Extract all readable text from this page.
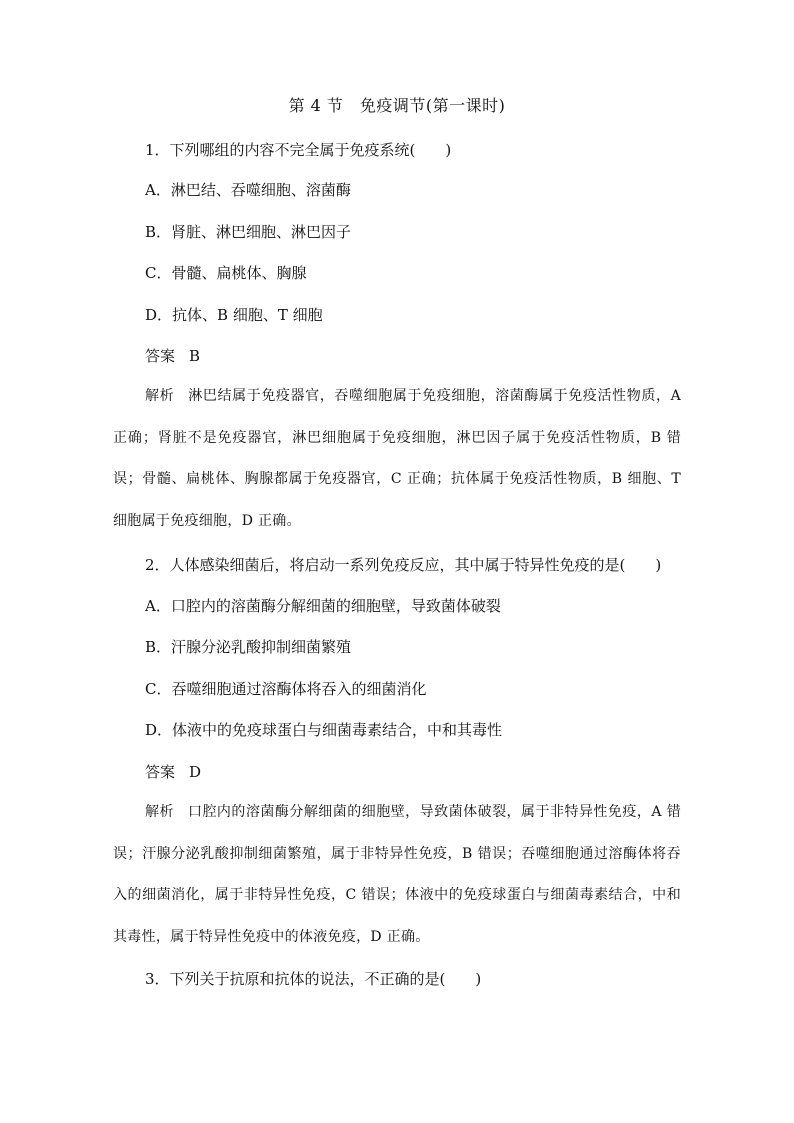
第 4 节　免疫调节(第一课时)
1．下列哪组的内容不完全属于免疫系统(　　)
A．淋巴结、吞噬细胞、溶菌酶
B．肾脏、淋巴细胞、淋巴因子
C．骨髓、扁桃体、胸腺
D．抗体、B 细胞、T 细胞
答案 B
解析 淋巴结属于免疫器官，吞噬细胞属于免疫细胞，溶菌酶属于免疫活性物质，A 正确；肾脏不是免疫器官，淋巴细胞属于免疫细胞，淋巴因子属于免疫活性物质，B 错误；骨髓、扁桃体、胸腺都属于免疫器官，C 正确；抗体属于免疫活性物质，B 细胞、T 细胞属于免疫细胞，D 正确。
2．人体感染细菌后，将启动一系列免疫反应，其中属于特异性免疫的是(　　)
A．口腔内的溶菌酶分解细菌的细胞壁，导致菌体破裂
B．汗腺分泌乳酸抑制细菌繁殖
C．吞噬细胞通过溶酶体将吞入的细菌消化
D．体液中的免疫球蛋白与细菌毒素结合，中和其毒性
答案 D
解析 口腔内的溶菌酶分解细菌的细胞壁，导致菌体破裂，属于非特异性免疫，A 错误；汗腺分泌乳酸抑制细菌繁殖，属于非特异性免疫，B 错误；吞噬细胞通过溶酶体将吞入的细菌消化，属于非特异性免疫，C 错误；体液中的免疫球蛋白与细菌毒素结合，中和其毒性，属于特异性免疫中的体液免疫，D 正确。
3．下列关于抗原和抗体的说法，不正确的是(　　)
